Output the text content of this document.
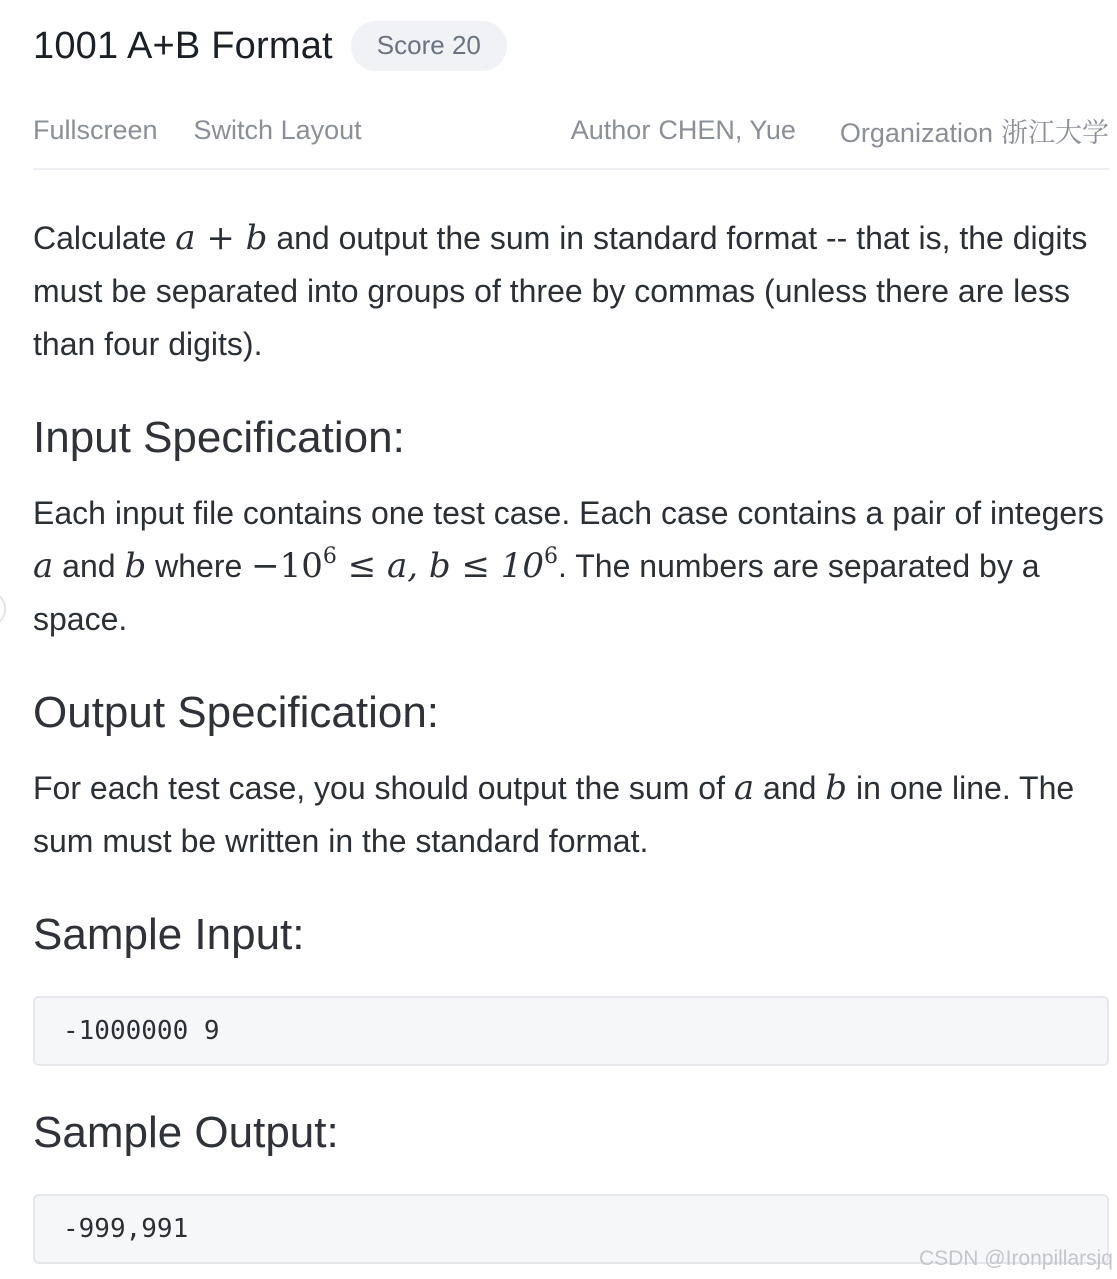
1001 A+B Format	Score 20
Fullscreen Switch Layout	Author CHEN, Yue Organization 浙江大学

Calculate a + b and output the sum in standard format -- that is, the digits must be separated into groups of three by commas (unless there are less than four digits).

Input Specification:

Each input file contains one test case. Each case contains a pair of integers a and b where $-10^6 \le a$, $b \le 10^6$. The numbers are separated by a space.

Output Specification:

For each test case, you should output the sum of a and b in one line. The sum must be written in the standard format.

Sample Input:
-1000000 9
Sample Output:
-999,991
CSDN @Ironpillarsjq
